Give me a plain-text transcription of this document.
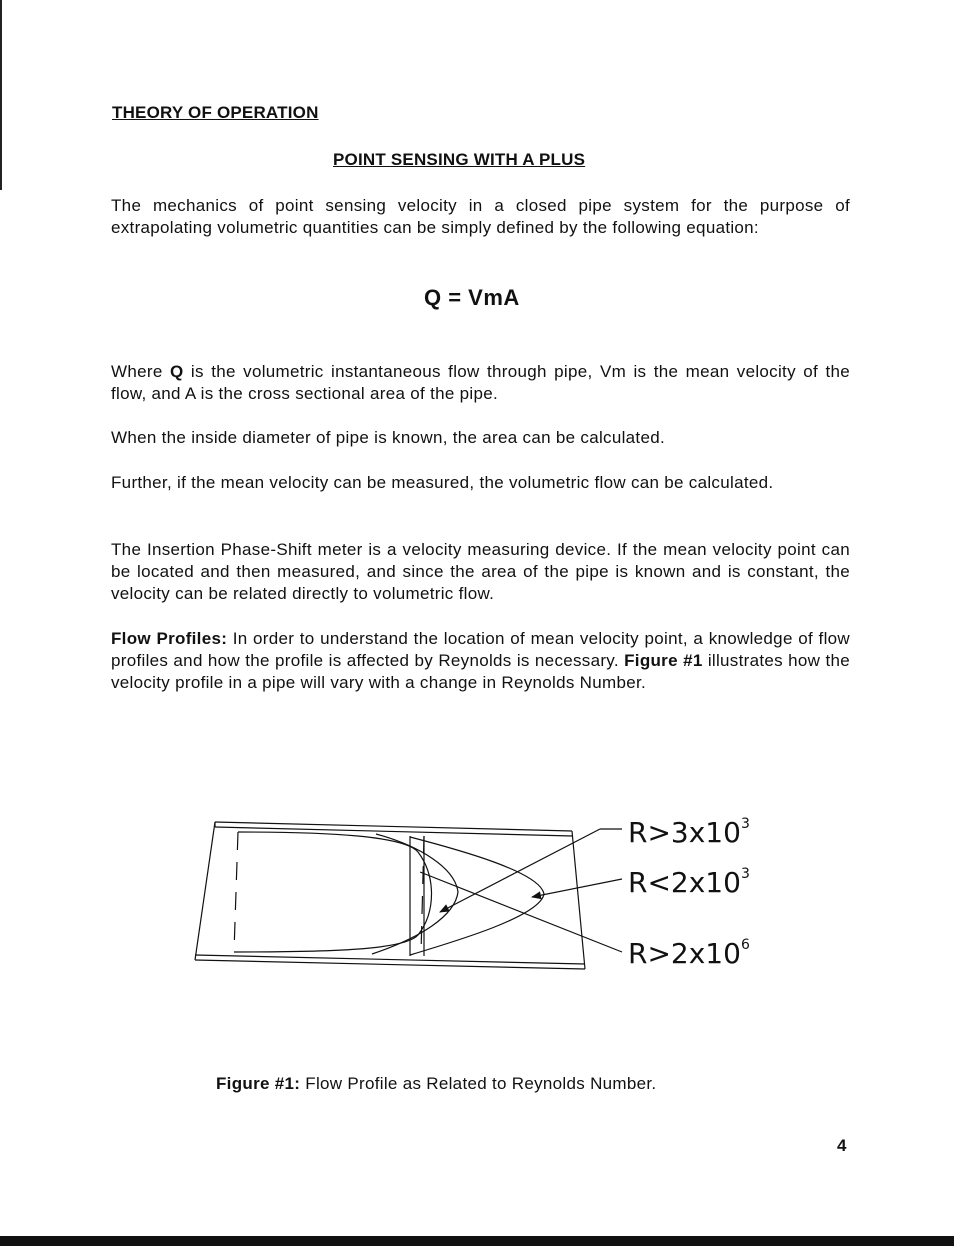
THEORY OF OPERATION
POINT SENSING WITH A PLUS
The mechanics of point sensing velocity in a closed pipe system for the purpose of extrapolating volumetric quantities can be simply defined by the following equation:
Q = VmA
Where Q is the volumetric instantaneous flow through pipe, Vm is the mean velocity of the flow, and A is the cross sectional area of the pipe.
When the inside diameter of pipe is known, the area can be calculated.
Further, if the mean velocity can be measured, the volumetric flow can be calculated.
The Insertion Phase-Shift meter is a velocity measuring device. If the mean velocity point can be located and then measured, and since the area of the pipe is known and is constant, the velocity can be related directly to volumetric flow.
Flow Profiles: In order to understand the location of mean velocity point, a knowledge of flow profiles and how the profile is affected by Reynolds is necessary. Figure #1 illustrates how the velocity profile in a pipe will vary with a change in Reynolds Number.
$R>3x10^3$
$R<2x10^3$
$R>2x10^6$
Figure #1: Flow Profile as Related to Reynolds Number.
4
